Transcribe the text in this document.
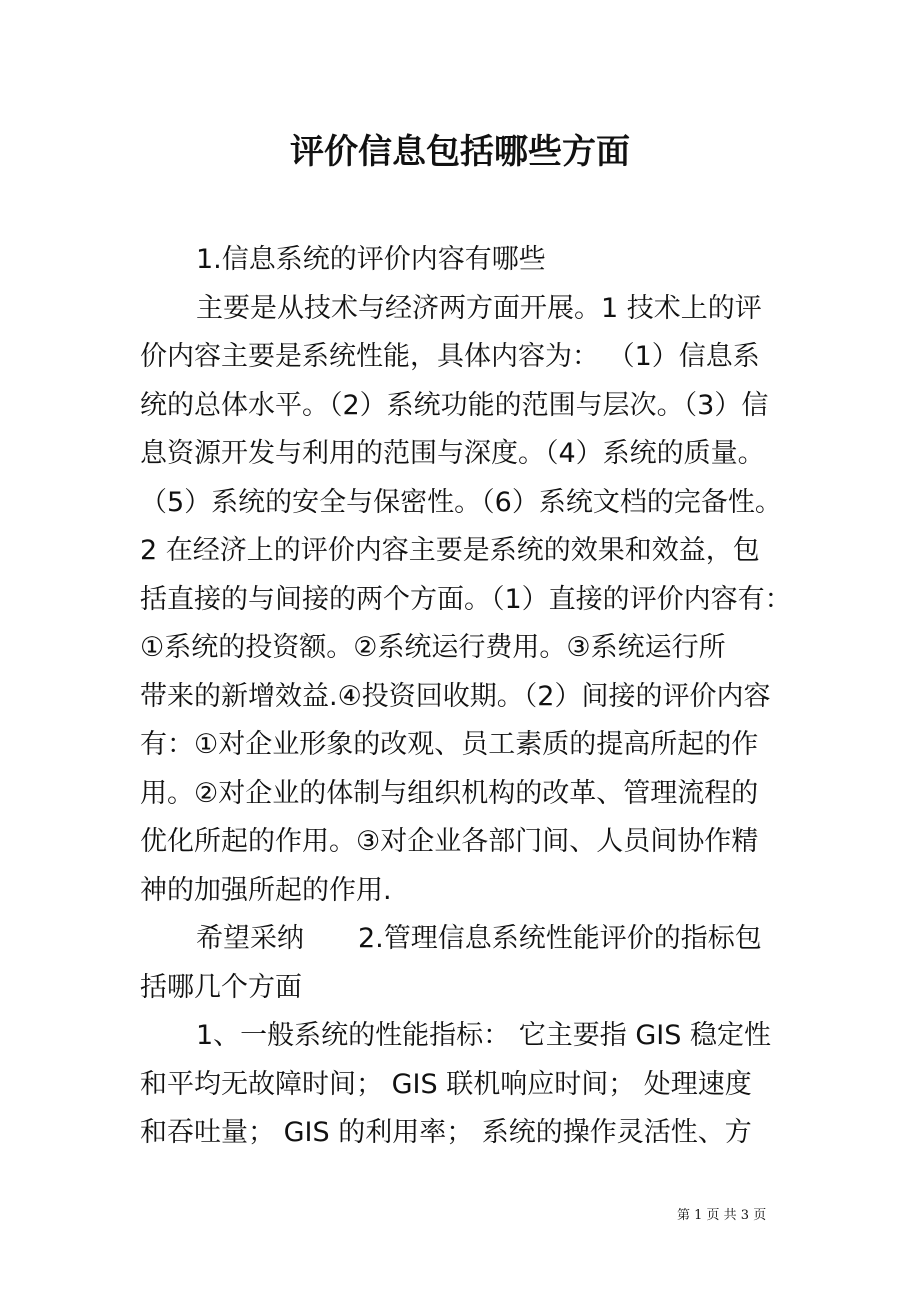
评价信息包括哪些方面
1.信息系统的评价内容有哪些
主要是从技术与经济两方面开展。1 技术上的评
价内容主要是系统性能，具体内容为： （1）信息系
统的总体水平。（2）系统功能的范围与层次。（3）信
息资源开发与利用的范围与深度。（4）系统的质量。
（5）系统的安全与保密性。（6）系统文档的完备性。
2 在经济上的评价内容主要是系统的效果和效益，包
括直接的与间接的两个方面。（1）直接的评价内容有：
①系统的投资额。②系统运行费用。③系统运行所
带来的新增效益.④投资回收期。（2）间接的评价内容
有：①对企业形象的改观、员工素质的提高所起的作
用。②对企业的体制与组织机构的改革、管理流程的
优化所起的作用。③对企业各部门间、人员间协作精
神的加强所起的作用.
希望采纳　　2.管理信息系统性能评价的指标包
括哪几个方面
1、一般系统的性能指标： 它主要指 GIS 稳定性
和平均无故障时间； GIS 联机响应时间； 处理速度
和吞吐量； GIS 的利用率； 系统的操作灵活性、方
第 1 页 共 3 页
